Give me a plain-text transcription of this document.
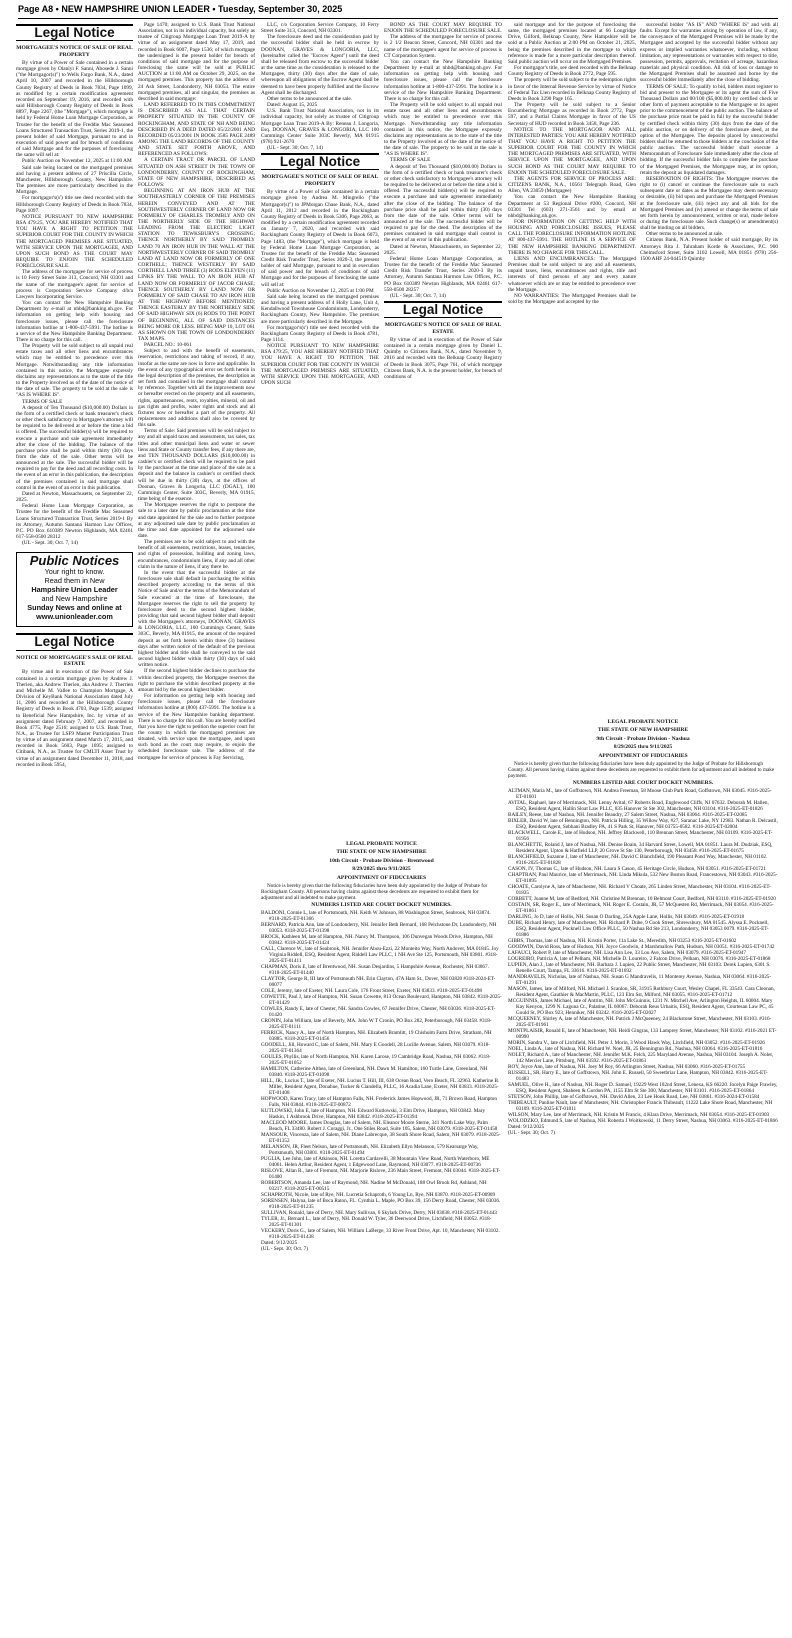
Page A8 • NEW HAMPSHIRE UNION LEADER • Tuesday, September 30, 2025
Legal Notice
MORTGAGEE'S NOTICE OF SALE OF REAL PROPERTY

By virtue of a Power of Sale contained in a certain mortgage given by Olaniyi F. Sanni, Abosede J. Sanni ("the Mortgagor(s)") to Wells Fargo Bank, N.A., dated April 10, 2007 and recorded in the Hillsborough County Registry of Deeds in Book 7834, Page 1099, as modified by a certain modification agreement recorded on September 19, 2016, and recorded with said Hillsborough County Registry of Deeds in Book 8897, Page 2267, (the "Mortgage"), which mortgage is held by Federal Home Loan Mortgage Corporation, as Trustee for the benefit of the Freddie Mac Seasoned Loans Structured Transaction Trust, Series 2019-1, the present holder of said Mortgage, pursuant to and in execution of said power and for breach of conditions of said Mortgage and for the purposes of foreclosing the same will sell at:

Public Auction on November 12, 2025 at 11:00 AM

Said sale being located on the mortgaged premises and having a present address of 27 Priscilla Circle, Manchester, Hillsborough County, New Hampshire. The premises are more particularly described in the Mortgage.

For mortgagor's(s') title see deed recorded with the Hillsborough County Registry of Deeds in Book 7834, Page 1097.

NOTICE PURSUANT TO NEW HAMPSHIRE RSA 479:25, YOU ARE HEREBY NOTIFIED THAT YOU HAVE A RIGHT TO PETITION THE SUPERIOR COURT FOR THE COUNTY IN WHICH THE MORTGAGED PREMISES ARE SITUATED, WITH SERVICE UPON THE MORTGAGEE, AND UPON SUCH BOND AS THE COURT MAY REQUIRE TO ENJOIN THE SCHEDULED FORECLOSURE SALE.

The address of the mortgagee for service of process is 10 Ferry Street Suite 313, Concord, NH 03301 and the name of the mortgagee's agent for service of process is Corporation Service Company d/b/a Lawyers Incorporating Service.

You can contact the New Hampshire Banking Department by e-mail at nhbd@banking.nh.gov. For information on getting help with housing and foreclosure issues, please call the foreclosure information hotline at 1-800-437-5991. The hotline is a service of the New Hampshire Banking Department. There is no charge for this call.

The Property will be sold subject to all unpaid real estate taxes and all other liens and encumbrances which may be entitled to precedence over this Mortgage. Notwithstanding any title information contained in this notice, the Mortgagee expressly disclaims any representations as to the state of the title to the Property involved as of the date of the notice of the date of sale. The property to be sold at the sale is "AS IS WHERE IS".

TERMS OF SALE

A deposit of Ten Thousand ($10,000.00) Dollars in the form of a certified check or bank treasurer's check or other check satisfactory to Mortgagee's attorney will be required to be delivered at or before the time a bid is offered. The successful bidder(s) will be required to execute a purchase and sale agreement immediately after the close of the bidding. The balance of the purchase price shall be paid within thirty (30) days from the date of the sale. Other terms will be announced at the sale. The successful bidder will be required to pay for the deed and all recording costs. In the event of an error in this publication, the description of the premises contained in said mortgage shall control in the event of an error in this publication.

Dated at Newton, Massachusetts, on September 22, 2025.

Federal Home Loan Mortgage Corporation, as Trustee for the benefit of the Freddie Mac Seasoned Loans Structured Transaction Trust, Series 2019-1 By its Attorney, Autumn Santana Harmon Law Offices, P.C. PO Box 610389 Newton Highlands, MA 02461 617-558-0500 28312

(UL - Sept. 30; Oct. 7, 14)

Public Notices
Your right to know.
Read them in New
Hampshire Union Leader
and New Hampshire
Sunday News and online at
www.unionleader.com
Legal Notice
NOTICE OF MORTGAGEE'S SALE OF REAL ESTATE

By virtue and in execution of the Power of Sale contained in a certain mortgage given by Andrew J. Therien, aka Andrew Therien, aka Andrew J. Therrien and Michelle M. Vallee to Champion Mortgage, A Division of KeyBank National Association dated July 11, 2006 and recorded at the Hillsborough County Registry of Deeds in Book 4703, Page 1539; assigned to Beneficial New Hampshire, Inc. by virtue of an assignment dated February 7, 2007, and recorded in Book 4775, Page 2516; assigned to U.S. Bank Trust, N.A., as Trustee for LSF9 Master Participation Trust by virtue of an assignment dated March 17, 2015, and recorded in Book 5603, Page 1695; assigned to Citibank, N.A., as Trustee for CMLTI Asset Trust by virtue of an assignment dated December 11, 2018, and recorded in Book 5954,

Page 1470; assigned to U.S. Bank Trust National Association, not in its individual capacity, but solely as trustee of Citigroup Mortgage Loan Trust 2019-A by virtue of an assignment dated May 17, 2019, and recorded in Book 6007, Page 1536; of which mortgage the undersigned is the present holder for breach of conditions of said mortgage and for the purpose of foreclosing the same will be sold at PUBLIC AUCTION at 11:00 AM on October 29, 2025, on the mortgaged premises. This property has the address of 24 Ash Street, Londonderry, NH 03053. The entire mortgaged premises, all and singular, the premises as described in said mortgage:

LAND REFERRED TO IN THIS COMMITMENT IS DESCRIBED AS ALL THAT CERTAIN PROPERTY SITUATED IN THE COUNTY OF ROCKINGHAM, AND STATE OF NH AND BEING DESCRIBED IN A DEED DATED 05/22/2001 AND RECORDED 05/23/2001 IN BOOK 3585 PAGE 2489 AMONG THE LAND RECORDS OF THE COUNTY AND STATE SET FORTH ABOVE, AND REFERENCED AS FOLLOWS:

A CERTAIN TRACT OR PARCEL OF LAND SITUATED ON ASH STREET IN THE TOWN OF LONDONDERRY, COUNTY OF ROCKINGHAM, STATE OF NEW HAMPSHIRE, DESCRIBED AS FOLLOWS:

BEGINNING AT AN IRON HUB AT THE SOUTHEASTERLY CORNER OF THE PREMISES HEREIN CONVEYED AND AT THE SOUTHWESTERLY CORNER OF LAND NOW OR FORMERLY OF CHARLES TROMBLY AND ON THE NORTHERLY SIDE OF THE HIGHWAY LEADING FROM THE ELECTRIC LIGHT STATION TO TEWKSBURY'S CROSSING; THENCE NORTHERLY BY SAID TROMBLY LAND 70 AN IRON HUB IN THE WALL AT THE NORTHWESTERLY CORNER OF SAID TROMBLY LAND AT LAND NOW OR FORMERLY OF ONE CORTHELL; THENCE WESTERLY BY SAID CORTHELL LAND THREE (3) RODS ELEVEN (11) LINKS BY THE WALL TO AN IRON HUB AT LAND NOW OR FORMERLY OF JACOB CHASE; THENCE SOUTHERLY BY LAND NOW OR FORMERLY OF SAID CHASE TO AN IRON HUB AT THE HIGHWAY BEFORE MENTIONED; THENCE EASTERLY BY THE NORTHERLY SIDE OF SAID HIGHWAY SIX (6) RODS TO THE POINT OF BEGINNING, ALL OF SAID DISTANCES BEING MORE OR LESS. BEING MAP 10, LOT 061 AS SHOWN ON THE TOWN OF LONDONDERRY TAX MAPS.

PARCEL NO.: 10-061

Subject to and with the benefit of easements, reservation, restrictions and taking of record, if any, insofar as the same are now in force and applicable. In the event of any typographical error set forth herein in the legal description of the premises, the description as set forth and contained in the mortgage shall control by reference. Together with all the improvements now or hereafter erected on the property and all easements, rights, appurtenances, rents, royalties, mineral, oil and gas rights and profits, water rights and stock and all fixtures now or hereafter a part of the property. All replacements and additions shall also be covered by this sale.

Terms of Sale: Said premises will be sold subject to any and all unpaid taxes and assessments, tax sales, tax titles and other municipal liens and water or sewer liens and State or County transfer fees, if any there are, and TEN THOUSAND DOLLARS ($10,000.00) in cashier's or certified check will be required to be paid by the purchaser at the time and place of the sale as a deposit and the balance in cashier's or certified check will be due in thirty (30) days, at the offices of Doonan, Graves & Longoria, LLC (DGAL'), 100 Cummings Center, Suite 303C, Beverly, MA 01915, time being of the essence.

The Mortgagee reserves the right to postpone the sale to a later date by public proclamation at the time and date appointed for the sale and to further postpone at any adjourned sale date by public proclamation at the time and date appointed for the adjourned sale date.

The premises are to be sold subject to and with the benefit of all easements, restrictions, leases, tenancies, and rights of possession, building and zoning laws, encumbrances, condominium liens, if any and all other claim in the nature of liens, if any there be.

In the event that the successful bidder at the foreclosure sale shall default in purchasing the within described property according to the terms of this Notice of Sale and/or the terms of the Memorandum of Sale executed at the time of foreclosure, the Mortgagee reserves the right to sell the property by foreclosure deed to the second highest bidder, providing that said second highest bidder shall deposit with the Mortgagee's attorneys, DOONAN, GRAVES & LONGORIA, LLC, 100 Cummings Center, Suite 303C, Beverly, MA 01915, the amount of the required deposit as set forth herein within three (3) business days after written notice of the default of the previous highest bidder and title shall be conveyed to the said second highest bidder within thirty (30) days of said written notice.

If the second highest bidder declines to purchase the within described property, the Mortgagee reserves the right to purchase the within described property at the amount bid by the second highest bidder.

For information on getting help with housing and foreclosure issues, please call the foreclosure information hotline at (800) 437-5991. The hotline is a service of the New Hampshire banking department. There is no charge for this call. You are hereby notified that you have the right to petition the superior court for the county in which the mortgaged premises are situated, with service upon the mortgagee, and upon such bond as the court may require, to enjoin the scheduled foreclosure sale. The address of the mortgagee for service of process is Fay Servicing,

LLC, c/o Corporation Service Company, 10 Ferry Street Suite 313, Concord, NH 03301.

The foreclosure deed and the consideration paid by the successful bidder shall be held in escrow by DOONAN, GRAVES & LONGORIA, LLC, (hereinafter called the "Escrow Agent") until the deed shall be released from escrow to the successful bidder at the same time as the consideration is released to the Mortgagee, thirty (30) days after the date of sale, whereupon all obligations of the Escrow Agent shall be deemed to have been properly fulfilled and the Escrow Agent shall be discharged.

Other terms to be announced at the sale.

Dated: August 15, 2025

U.S. Bank Trust National Association, not in its individual capacity, but solely as trustee of Citigroup Mortgage Loan Trust 2019-A By: Reneau J. Longoria, Esq. DOONAN, GRAVES & LONGORIA, LLC 100 Cummings Center Suite 303C Beverly, MA 01915 (978) 921-2670

(UL - Sept. 30; Oct. 7, 14)

Legal Notice
MORTGAGEE'S NOTICE OF SALE OF REAL PROPERTY

By virtue of a Power of Sale contained in a certain mortgage given by Andrea M. Mingrello ("the Mortgagor(s)") to JPMorgan Chase Bank, N.A., dated April 11, 2012 and recorded in the Rockingham County Registry of Deeds in Book 5306, Page 2063, as modified by a certain modification agreement recorded on January 7, 2020, and recorded with said Rockingham County Registry of Deeds in Book 6073, Page 1483, (the "Mortgage"), which mortgage is held by Federal Home Loan Mortgage Corporation, as Trustee for the benefit of the Freddie Mac Seasoned Credit Risk Transfer Trust, Series 2020-3, the present holder of said Mortgage, pursuant to and in execution of said power and for breach of conditions of said Mortgage and for the purposes of foreclosing the same will sell at:

Public Auction on November 12, 2025 at 1:00 PM

Said sale being located on the mortgaged premises and having a present address of 4 Holly Lane, Unit 4, Kendallwood Townhouse Condominium, Londonderry, Rockingham County, New Hampshire. The premises are more particularly described in the Mortgage.

For mortgagor's(s') title see deed recorded with the Rockingham County Registry of Deeds in Book 4781, Page 1114.

NOTICE PURSUANT TO NEW HAMPSHIRE RSA 479:25, YOU ARE HEREBY NOTIFIED THAT YOU HAVE A RIGHT TO PETITION THE SUPERIOR COURT FOR THE COUNTY IN WHICH THE MORTGAGED PREMISES ARE SITUATED, WITH SERVICE UPON THE MORTGAGEE, AND UPON SUCH

BOND AS THE COURT MAY REQUIRE TO ENJOIN THE SCHEDULED FORECLOSURE SALE.

The address of the mortgagee for service of process is 2 1/2 Beacon Street, Concord, NH 03301 and the name of the mortgagee's agent for service of process is CT Corporation System.

You can contact the New Hampshire Banking Department by e-mail at nhbd@banking.nh.gov. For information on getting help with housing and foreclosure issues, please call the foreclosure information hotline at 1-800-437-5991. The hotline is a service of the New Hampshire Banking Department. There is no charge for this call.

The Property will be sold subject to all unpaid real estate taxes and all other liens and encumbrances which may be entitled to precedence over this Mortgage. Notwithstanding any title information contained in this notice, the Mortgagee expressly disclaims any representations as to the state of the title to the Property involved as of the date of the notice of the date of sale. The property to be sold at the sale is "AS IS WHERE IS".

TERMS OF SALE

A deposit of Ten Thousand ($10,000.00) Dollars in the form of a certified check or bank treasurer's check or other check satisfactory to Mortgagee's attorney will be required to be delivered at or before the time a bid is offered. The successful bidder(s) will be required to execute a purchase and sale agreement immediately after the close of the bidding. The balance of the purchase price shall be paid within thirty (30) days from the date of the sale. Other terms will be announced at the sale. The successful bidder will be required to pay for the deed. The description of the premises contained in said mortgage shall control in the event of an error in this publication.

Dated at Newton, Massachusetts, on September 22, 2025.

Federal Home Loan Mortgage Corporation, as Trustee for the benefit of the Freddie Mac Seasoned Credit Risk Transfer Trust, Series 2020-3 By its Attorney, Autumn Santana Harmon Law Offices, P.C. PO Box 610389 Newton Highlands, MA 02461 617-558-0500 28257

(UL - Sept. 30; Oct. 7, 14)

Legal Notice
MORTGAGEE'S NOTICE OF SALE OF REAL ESTATE

By virtue of and in execution of the Power of Sale contained in a certain mortgage given by Daniel L. Quimby to Citizens Bank, N.A., dated November 9, 2016 and recorded with the Belknap County Registry of Deeds in Book 3075, Page 761, of which mortgage Citizens Bank, N.A. is the present holder, for breach of conditions of

said mortgage and for the purpose of foreclosing the same, the mortgaged premises located at 66 Longridge Drive, Gilford, Belknap County, New Hampshire will be sold at a Public Auction at 2:00 PM on October 21, 2025, being the premises described in the mortgage to which reference is made for a more particular description thereof. Said public auction will occur on the Mortgaged Premises.

For mortgagor's title, see deed recorded with the Belknap County Registry of Deeds in Book 2772, Page 595.

The property will be sold subject to the redemption rights in favor of the Internal Revenue Service by virtue of Notice of Federal Tax Lien recorded in Belknap County Registry of Deeds in Book 3290 Page 165.

The Property will be sold subject to a Senior Encumbering Mortgage as recorded in Book 2772, Page 597, and a Partial Claims Mortgage in favor of the US Secretary of HUD recorded in Book 3458, Page 236.

NOTICE TO THE MORTGAGOR AND ALL INTERESTED PARTIES: YOU ARE HEREBY NOTIFIED THAT YOU HAVE A RIGHT TO PETITION THE SUPERIOR COURT FOR THE COUNTY IN WHICH THE MORTGAGED PREMISES ARE SITUATED, WITH SERVICE UPON THE MORTGAGEE, AND UPON SUCH BOND AS THE COURT MAY REQUIRE TO ENJOIN THE SCHEDULED FORECLOSURE SALE.

THE AGENTS FOR SERVICE OF PROCESS ARE: CITIZENS BANK, N.A., 10561 Telegraph Road, Glen Allen, VA 23059 (Mortgagee)

You can contact the New Hampshire Banking Department at 53 Regional Drive #200, Concord, NH 03301 Tel (603) 271-3561 and by email at nhbd@banking.nh.gov.

FOR INFORMATION ON GETTING HELP WITH HOUSING AND FORECLOSURE ISSUES, PLEASE CALL THE FORECLOSURE INFORMATION HOTLINE AT 800-437-5991. THE HOTLINE IS A SERVICE OF THE NEW HAMPSHIRE BANKING DEPARTMENT. THERE IS NO CHARGE FOR THIS CALL.

LIENS AND ENCUMBRANCES: The Mortgaged Premises shall be sold subject to any and all easements, unpaid taxes, liens, encumbrances and rights, title and interests of third persons of any and every nature whatsoever which are or may be entitled to precedence over the Mortgage.

NO WARRANTIES: The Mortgaged Premises shall be sold by the Mortgagee and accepted by the

successful bidder "AS IS" AND "WHERE IS" and with all faults. Except for warranties arising by operation of law, if any, the conveyance of the Mortgaged Premises will be made by the Mortgagee and accepted by the successful bidder without any express or implied warranties whatsoever, including, without limitation, any representations or warranties with respect to title, possession, permits, approvals, recitation of acreage, hazardous materials and physical condition. All risk of loss or damage to the Mortgaged Premises shall be assumed and borne by the successful bidder immediately after the close of bidding.

TERMS OF SALE: To qualify to bid, bidders must register to bid and present to the Mortgagee or its agent the sum of Five Thousand Dollars and 00/100 ($5,000.00) by certified check or other form of payment acceptable to the Mortgagee or its agent prior to the commencement of the public auction. The balance of the purchase price must be paid in full by the successful bidder by certified check within thirty (30) days from the date of the public auction, or on delivery of the foreclosure deed, at the option of the Mortgagee. The deposits placed by unsuccessful bidders shall be returned to those bidders at the conclusion of the public auction. The successful bidder shall execute a Memorandum of Foreclosure Sale immediately after the close of bidding. If the successful bidder fails to complete the purchase of the Mortgaged Premises, the Mortgagee may, at its option, retain the deposit as liquidated damages.

RESERVATION OF RIGHTS: The Mortgagee reserves the right to (i) cancel or continue the foreclosure sale to such subsequent date or dates as the Mortgagee may deem necessary or desirable, (ii) bid upon and purchase the Mortgaged Premises at the foreclosure sale, (iii) reject any and all bids for the Mortgaged Premises and (iv) amend or change the terms of sale set forth herein by announcement, written or oral, made before or during the foreclosure sale. Such change(s) or amendment(s) shall be binding on all bidders.

Other terms to be announced at sale.

Citizens Bank, N.A. Present holder of said mortgage, By its Attorneys Rita J. Tahraham Korde & Associates, P.C. 900 Chelmsford Street, Suite 3102 Lowell, MA 01851 (978) 256-1500 AHF 24-044519 Quimby

LEGAL PROBATE NOTICE
THE STATE OF NEW HAMPSHIRE
10th Circuit - Probate Division - Brentwood
8/29/2025 thru 9/11/2025
APPOINTMENT OF FIDUCIARIES

Notice is hereby given that the following fiduciaries have been duly appointed by the Judge of Probate for Rockingham County. All persons having claims against these decedents are requested to exhibit them for adjustment and all indebted to make payment.

NUMBERS LISTED ARE COURT DOCKET NUMBERS.

BALDONI, Connie L, late of Portsmouth, NH. Keith W Johnson, 88 Washington Street, Seabrook, NH 03874. #318-2025-ET-01366

BERNARD, Patricia Ann, late of Londonderry, NH. Jennifer Beth Bernard, 168 Pelchstone Dr, Londonderry, NH 03053. #318-2025-ET-01398

BROCK, Kathleen M, late of Hampton, NH. Nancy M. Thompson, 106 Dunvegan Woods Drive, Hampton, NH 03842. #318-2025-ET-01424

CALL, Clarence W., late of Seabrook, NH. Jennifer Abou-Ezzi, 22 Monteito Way, North Andover, MA 01845. Joy Virginia Riddell, ESQ, Resident Agent, Riddell Law PLLC, 1 NH Ave Ste 125, Portsmouth, NH 03801. #318-2025-ET-01411

CHAPMAN, Doris E, late of Brentwood, NH. Susan Desjardins, 5 Hampshire Avenue, Rochester, NH 03867. #318-2025-ET-01440

CLAYTOR, George R, III late of Portsmouth NH. Erin Clayton, 47A Ham St., Dover, NH 03820 #318-2024-ET-00077

COLE, Jeremy, late of Exeter, NH. Laura Cole, 176 Front Street, Exeter, NH 03833. #318-2025-ET-01498

COWETTE, Paul J, late of Hampton, NH. Susan Cowette, 813 Ocean Boulevard, Hampton, NH 03842. #318-2025-ET-01429

COWLES, Randy E, late of Chester, NH. Sandra Cowles, 67 Jennifer Drive, Chester, NH 03036. #318-2025-ET-01420

CRONIN, John William, late of Beverly, MA. John W T Cronin, PO Box 282, Peterborough, NH 03458. #318-2025-ET-01111

FERRICK, Nancy A., late of North Hampton, NH. Elizabeth Bramlitt, 19 Chisholm Farm Drive, Stratham, NH 03885. #318-2025-ET-01456

GOODELL, Jill, Howard C, late of Salem, NH. Mary E Goodell, 28 Lucille Avenue, Salem, NH 03079. #318-2025-ET-01364

GOULES, Phyllis, late of North Hampton, NH. Karen Larose, 19 Cambridge Road, Nashua, NH 03062. #318-2025-ET-01052

HAMILTON, Catherine Althea, late of Greenland, NH. Dawn M. Hamilton, 160 Turtle Lane, Greenland, NH 03840. #318-2025-ET-01098

HILL, JR., Lucius T., late of Exeter, NH. Lucius T. Hill, III, 638 Ocean Road, Vero Beach, FL 32963. Katherine B. Miller, Resident Agent, Donahue, Tucker & Ciandella, PLLC, 16 Acadia Lane, Exeter, NH 03833. #318-2025-ET-01408

HOPWOOD, Karen Tracy, late of Hampton Falls, NH. Frederick James Hopwood, JR, 71 Brown Road, Hampton Falls, NH 03844. #318-2025-ET-00872

KUTLOWSKI, John E, late of Hampton, NH. Edward Kutlowski, 3 Elm Drive, Hampton, NH 03842. Mary Haskin, 1 Ashbrook Drive, Hampton, NH 03842. #318-2025-ET-01394

MACLEOD MOORE, James Douglas, late of Salem, NH. Eleanor Moore Sterne, 341 North Lake Way, Palm Beach, FL 33480. Robert J. Coraggi, Jr., One Stiles Road, Suite 105, Salem, NH 03079. #318-2025-ET-01458

MANSOUR, Vincenza, late of Salem, NH. Diane Labrecque, 38 South Shore Road, Salem, NH 03079. #318-2025-ET-01352

MELANSON, JR, Fleet Nelson, late of Portsmouth, NH. Elizabeth Ellyn Melanson, 579 Kearsarge Way, Portsmouth, NH 03801. #318-2025-ET-01494

PUGLIA, Lee John, late of Atkinson, NH. Loretta Cardavelli, 38 Mountain View Road, North Waterboro, ME 04061. Helen Arthur, Resident Agent, 1 Edgewood Lane, Raymond, NH 03077. #318-2025-ET-00736

RISLOVE, Allan R., late of Fremont, NH. Marjorie Rislove, 236 Main Street, Fremont, NH 03044. #318-2025-ET-01400

ROBERTSON, Amanda Lee, late of Raymond, NH. Nadine M McDonald, 188 Owl Brook Rd, Ashland, NH 03217. #318-2025-ET-00515

SCHAPROTH, Nicole, late of Rye, NH. Lucretia Schaproth, 6 Young Ln, Rye, NH 03870. #318-2025-ET-00909

SORENSEN, Halyna, late of Boca Raton, FL. Cynthia L. Maple, PO Box 39, 156 Derry Road, Chester, NH 03036. #318-2025-ET-01235

SULLIVAN, Ronald, late of Derry, NH. Mary Sullivan, 6 Skylark Drive, Derry, NH 03038. #318-2025-ET-01443

TYLER, Jr., Bernard L., late of Derry, NH. Donald W. Tyler, 36 Deerwood Drive, Litchfield, NH 03052. #318-2025-ET-01301

VECKERY, Doris G., late of Salem, NH. William LaBerge, 33 River Front Drive, Apt. 10, Manchester, NH 03102. #318-2025-ET-01438

Dated: 9/12/2025

(UL - Sept. 30; Oct. 7)

LEGAL PROBATE NOTICE
THE STATE OF NEW HAMPSHIRE
9th Circuit - Probate Division - Nashua
8/29/2025 thru 9/11/2025
APPOINTMENT OF FIDUCIARIES

Notice is hereby given that the following fiduciaries have been duly appointed by the Judge of Probate for Hillsborough County. All persons having claims against these decedents are requested to exhibit them for adjustment and all indebted to make payment.

NUMBERS LISTED ARE COURT DOCKET NUMBERS.

ALTMAN, Maria M., late of Goffstown, NH. Andrea Freeman, 58 Moose Club Park Road, Goffstown, NH 03045. #316-2025-ET-01601

AVITAL, Raphael, late of Merrimack, NH. Lenny Avital, 67 Roberts Road, Englewood Cliffs, NJ 07632. Deborah M. Hallen, ESQ, Resident Agent, Hallin Sloat Law PLLC, 835 Hanover St Ste 302, Manchester, NH 03104. #316-2025-ET-01826

BAILEY, Reese, late of Nashua, NH. Jennifer Beaudry, 27 Salem Street, Nashua, NH 03064. #316-2025-ET-02085

BIXLER, David W, late of Bennington, NH. Patricia Hilling, 35 Willow Way, #27, Saranac Lake, NY 12983. Nathan R. Delcastil, ESQ, Resident Agent, Sobhani Bradley PA, 41 S Park St, Hanover, NH 03755-0582. #316-2025-ET-02004

BLACKWELL, Carole E., late of Hudson, NH. Jeffrey Blackwell, 110 Brennan Street, Manchester, NH 03109. #316-2025-ET-01956

BLANCHETTE, Roland J, late of Nashua, NH. Denise Boain, 34 Harvard Street, Lowell, MA 01851. Laura M. Dudziak, ESQ, Resident Agent, Upton & Hatfield LLP, 20 Grove St Ste 130, Peterborough, NH 03458. #316-2025-ET-01675

BLANCHFIELD, Suzanne J, late of Manchester, NH. David C Blanchfield, 190 Pleasant Pond Way, Manchester, NH 01102. #316-2025-ET-01828

CASON, IV, Thomas C., late of Hudson, NH. Laura S Cason, 45 Heritage Circle, Hudson, NH 03051. #316-2025-ET-01721

CHAPTRAN, Paul Maurice, late of Merrimack, NH. Linda Mikula, 532 New Boston Road, Francestown, NH 03043. #316-2025-ET-01895

CHOATE, Carolyne A, late of Manchester, NH. Richard V Choate, 265 Linden Street, Manchester, NH 03104. #316-2025-ET-01835

CORBETT, Joanne M, late of Bedford, NH. Christine M Brennan, 10 Belmont Court, Bedford, NH 03110. #316-2025-ET-01920

COSTAIN, SR, Roger E., late of Merrimack, NH. Roger E. Costain, JR, 57 McQuesten Rd, Merrimack, NH 03054. #316-2025-ET-01861

DARLING, Jo D, late of Hollis, NH. Susan O Darling, 25A Apple Lane, Hollis, NH 03049. #316-2025-ET-01918

DUBE, Richard Henry, late of Manchester, NH. Richard P. Dube, 9 Cook Street, Shrewsbury, MA 01545. Alyssa E. Pocknell, ESQ, Resident Agent, Pocknell Law Office PLLC, 50 Nashua Rd Ste 213, Londonderry, NH 03053 0079. #316-2025-ET-01886

GIBBS, Thomas, late of Nashua, NH. Kristin Porter, 11a Lake St., Meredith, NH 03253 #316-2025-ET-01602

GOODWIN, David Ross, late of Hudson, NH. Joyce Goodwin, 4 Marshmallow Path, Hudson, NH 03051. #316-2025-ET-01742

LAFAUCI, Robert P, late of Manchester, NH. Lisa Ann Lee, 33 Lou Ave, Salem, NH 03079. #316-2025-ET-01947

LOUREIRO, Patricia A, late of Pelham, NH. Michelle D. Loureiro, 2 Falcon Drive, Pelham, NH 03076. #316-2025-ET-01868

LUPIEN, Alan J., late of Manchester, NH. Barbara J. Lupien, 22 Public Street, Manchester, NH 03103. Derek Lupien, 6301 S. Renelle Court, Tampa, FL 33616. #316-2025-ET-01692

MANDRAVELIS, Nicholas, late of Nashua, NH. Susan G Mandravelis, 11 Monterey Avenue, Nashua, NH 03064. #316-2025-ET-01291

MASON, James, late of Milford, NH. Michael J. Scanlon, SR, 31915 Rothbury Court, Wesley Chapel, FL 33543. Cara Cloonan, Resident Agent, Gauthier & MacMartin, PLLC, 123 Elm Sst, Milford, NH 03055. #316-2025-ET-01712

MCGUINNIS, James Michael, late of Antrim, NH. John McGuinnis, 1231 N. Mitchell Ave, Arlington Heights, IL 60004. Mary Kay Kenyon, 1299 N. Laguna Ct., Palatine, IL 60067. Deborah Reus Urbaitis, ESQ, Resident Agent, Courtesan Law PC, 45 Gould St, PO Box 923, Henniker, NH 03242. #316-2025-ET-02027

MCQUEENEY, Shirley A, late of Manchester, NH. Patrick J McQueeney, 24 Blackstone Street, Manchester, NH 03103. #316-2025-ET-01961

MONTPLAISIR, Ronald E, late of Manchester, NH. Heidi Gingras, 133 Lamprey Street, Manchester, NH 03102. #316-2021 ET-00990

MORIN, Sandra V., late of Litchfield, NH. Peter J. Morin, 3 Wood Hawk Way, Litchfield, NH 03052. #316-2025-ET-01926

NOEL, Linda A., late of Nashua, NH. Richard W. Noel, JR, 25 Bennington Rd., Nashua, NH 03064. #316-2025-ET-01816

NOLET, Richard A., late of Manchester, NH. Jennifer M.K. Felch, 225 Maryland Avenue, Nashua, NH 03104. Joseph A. Nolet, 142 Mercier Lane, Pittsburg, NH 03592. #316-2025-ET-01863

ROY, Joyce Ann, late of Nashua, NH. Joey M Roy, 66 Arlington Street, Nashua, NH 03060. #316-2025-ET-01755

RUSSELL, SR, Harry E., late of Goffstown, NH. John E. Russell, 50 Sweetbriar Lane, Hampton, NH 03842. #316-2025-ET-01483

SAMUEL, Olive H., late of Nashua, NH. Roger D. Samuel, 19229 West 102nd Street, Lenexa, KS 66220. Jocelyn Paige Frawley, ESQ, Resident Agent, Shaheen & Gordon PA, 1155 Elm St Ste 300, Manchester, NH 03101. #316-2025-ET-01864

STETSON, John Phillip, late of Goffstown, NH. David Allen, 23 Lee Hook Road, Lee, NH 03861. #316-2024-ET-01584

THIBEAULT, Pauline Nault, late of Manchester, NH. Christopher Francis Thibeault, 11222 Lake Shore Road, Manchester, NH 03109. #316-2025-ET-01811

WILSON, Mary Lee, late of Merrimack, NH. Kristin M Francis, 4 Klara Drive, Merrimack, NH 03054. #316-2025-ET-01903

WOLODZKO, Edmund S, late of Nashua, NH. Roberta J Woitkowski, 11 Derry Street, Nashua, NH 03063. #316-2025-ET-01866

Dated: 9/12/2025

(UL - Sept. 30; Oct. 7)
